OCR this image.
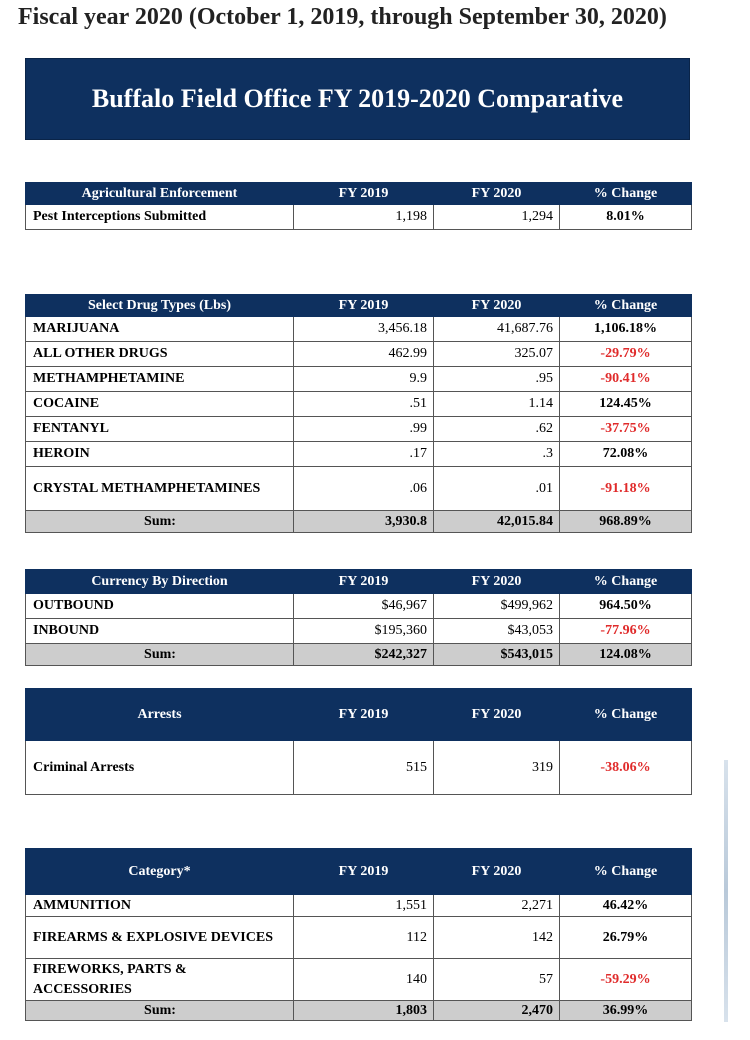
Fiscal year 2020 (October 1, 2019, through September 30, 2020)
Buffalo Field Office FY 2019-2020 Comparative
Agricultural Enforcement	FY 2019	FY 2020	% Change
Pest Interceptions Submitted	1,198	1,294	8.01%
Select Drug Types (Lbs)	FY 2019	FY 2020	% Change
MARIJUANA	3,456.18	41,687.76	1,106.18%
ALL OTHER DRUGS	462.99	325.07	-29.79%
METHAMPHETAMINE	9.9	.95	-90.41%
COCAINE	.51	1.14	124.45%
FENTANYL	.99	.62	-37.75%
HEROIN	.17	.3	72.08%
CRYSTAL METHAMPHETAMINES	.06	.01	-91.18%
Sum:	3,930.8	42,015.84	968.89%
Currency By Direction	FY 2019	FY 2020	% Change
OUTBOUND	$46,967	$499,962	964.50%
INBOUND	$195,360	$43,053	-77.96%
Sum:	$242,327	$543,015	124.08%
Arrests	FY 2019	FY 2020	% Change
Criminal Arrests	515	319	-38.06%
Category*	FY 2019	FY 2020	% Change
AMMUNITION	1,551	2,271	46.42%
FIREARMS & EXPLOSIVE DEVICES	112	142	26.79%
FIREWORKS, PARTS & ACCESSORIES	140	57	-59.29%
Sum:	1,803	2,470	36.99%
